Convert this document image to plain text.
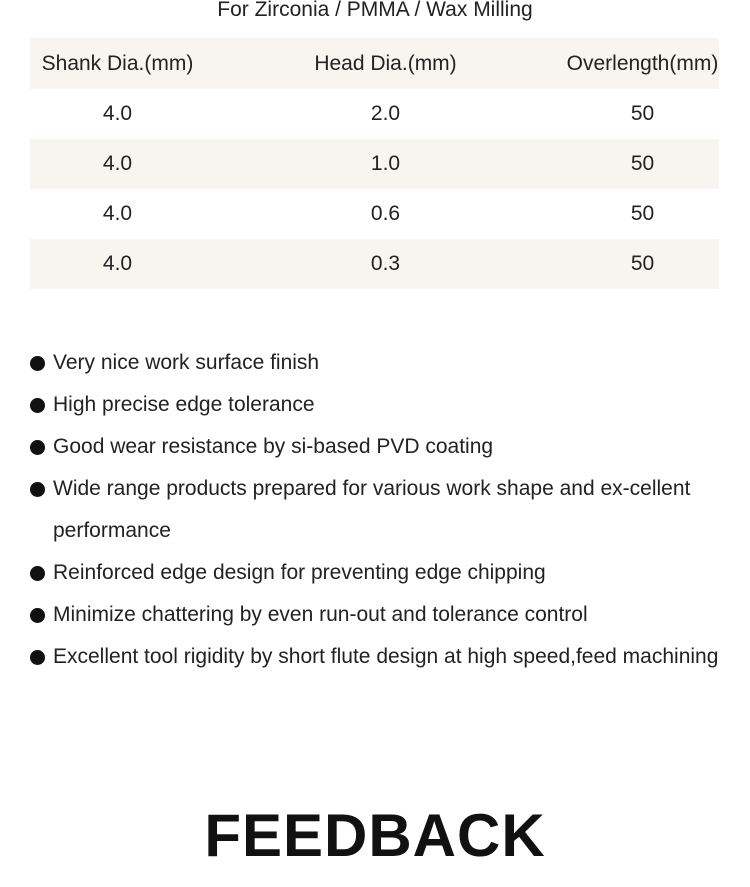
For Zirconia / PMMA / Wax Milling
Shank Dia.(mm)	Head Dia.(mm)	Overlength(mm)
4.0	2.0	50
4.0	1.0	50
4.0	0.6	50
4.0	0.3	50
Very nice work surface finish
High precise edge tolerance
Good wear resistance by si-based PVD coating
Wide range products prepared for various work shape and ex-cellent performance
Reinforced edge design for preventing edge chipping
Minimize chattering by even run-out and tolerance control
Excellent tool rigidity by short flute design at high speed,feed machining
FEEDBACK
